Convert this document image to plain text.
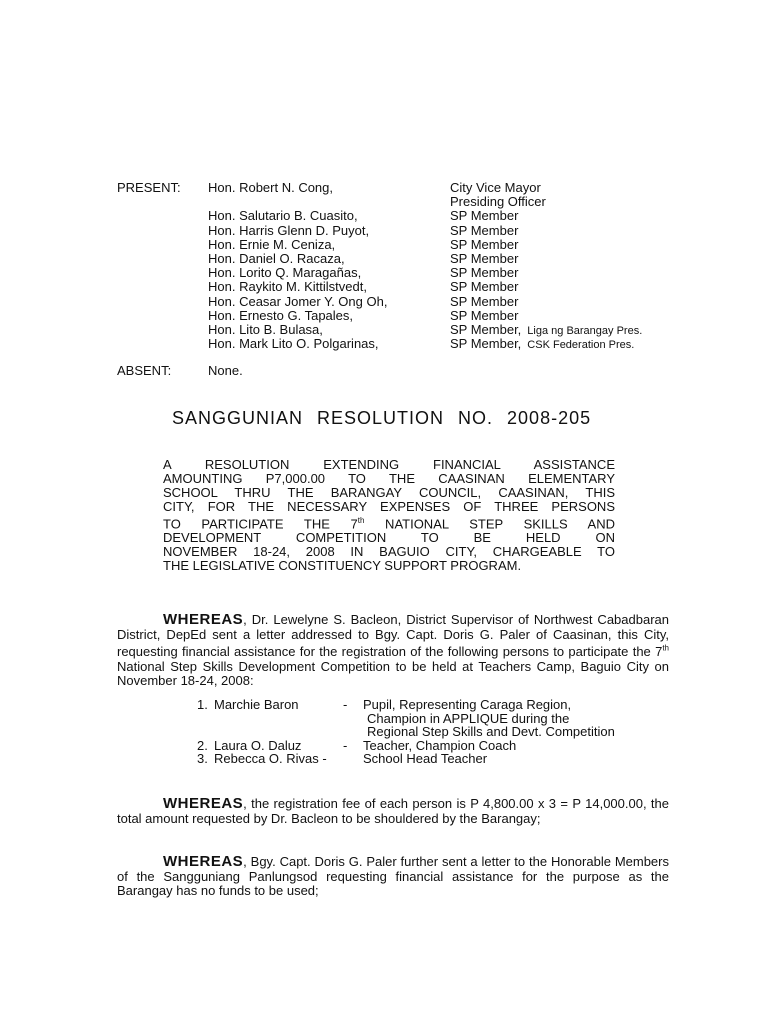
PRESENT: Hon. Robert N. Cong,	City Vice Mayor
Presiding Officer
Hon. Salutario B. Cuasito,	SP Member
Hon. Harris Glenn D. Puyot,	SP Member
Hon. Ernie M. Ceniza,	SP Member
Hon. Daniel O. Racaza,	SP Member
Hon. Lorito Q. Maragañas,	SP Member
Hon. Raykito M. Kittilstvedt,	SP Member
Hon. Ceasar Jomer Y. Ong Oh,	SP Member
Hon. Ernesto G. Tapales,	SP Member
Hon. Lito B. Bulasa,	SP Member, Liga ng Barangay Pres.
Hon. Mark Lito O. Polgarinas,	SP Member, CSK Federation Pres.
ABSENT:	None.
SANGGUNIAN RESOLUTION NO. 2008-205
A RESOLUTION EXTENDING FINANCIAL ASSISTANCE
AMOUNTING P7,000.00 TO THE CAASINAN ELEMENTARY
SCHOOL THRU THE BARANGAY COUNCIL, CAASINAN, THIS
CITY, FOR THE NECESSARY EXPENSES OF THREE PERSONS
TO PARTICIPATE THE 7th NATIONAL STEP SKILLS AND
DEVELOPMENT COMPETITION TO BE HELD ON
NOVEMBER 18-24, 2008 IN BAGUIO CITY, CHARGEABLE TO
THE LEGISLATIVE CONSTITUENCY SUPPORT PROGRAM.
WHEREAS, Dr. Lewelyne S. Bacleon, District Supervisor of Northwest Cabadbaran District, DepEd sent a letter addressed to Bgy. Capt. Doris G. Paler of Caasinan, this City, requesting financial assistance for the registration of the following persons to participate the 7th National Step Skills Development Competition to be held at Teachers Camp, Baguio City on November 18-24, 2008:
1. Marchie Baron	- Pupil, Representing Caraga Region,
Champion in APPLIQUE during the
Regional Step Skills and Devt. Competition
2. Laura O. Daluz	- Teacher, Champion Coach
3. Rebecca O. Rivas -	School Head Teacher
WHEREAS, the registration fee of each person is P 4,800.00 x 3 = P 14,000.00, the total amount requested by Dr. Bacleon to be shouldered by the Barangay;
WHEREAS, Bgy. Capt. Doris G. Paler further sent a letter to the Honorable Members of the Sangguniang Panlungsod requesting financial assistance for the purpose as the Barangay has no funds to be used;
